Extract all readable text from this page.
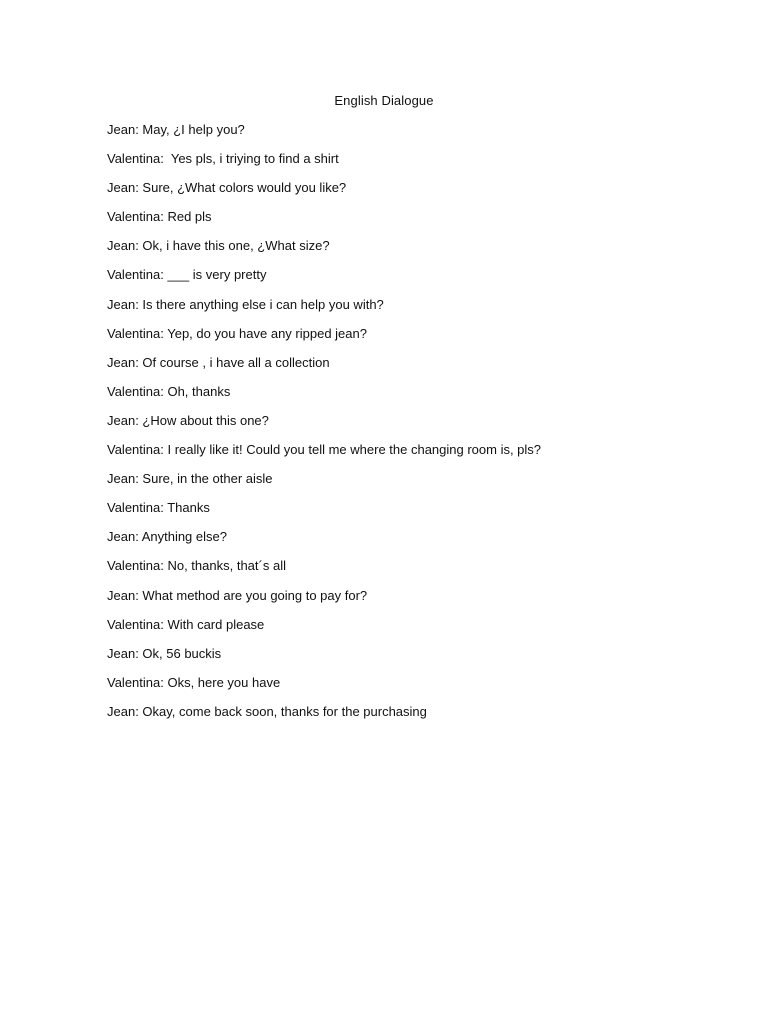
English Dialogue
Jean: May, ¿I help you?
Valentina:  Yes pls, i triying to find a shirt
Jean: Sure, ¿What colors would you like?
Valentina: Red pls
Jean: Ok, i have this one, ¿What size?
Valentina: ___ is very pretty
Jean: Is there anything else i can help you with?
Valentina: Yep, do you have any ripped jean?
Jean: Of course , i have all a collection
Valentina: Oh, thanks
Jean: ¿How about this one?
Valentina: I really like it! Could you tell me where the changing room is, pls?
Jean: Sure, in the other aisle
Valentina: Thanks
Jean: Anything else?
Valentina: No, thanks, that´s all
Jean: What method are you going to pay for?
Valentina: With card please
Jean: Ok, 56 buckis
Valentina: Oks, here you have
Jean: Okay, come back soon, thanks for the purchasing
